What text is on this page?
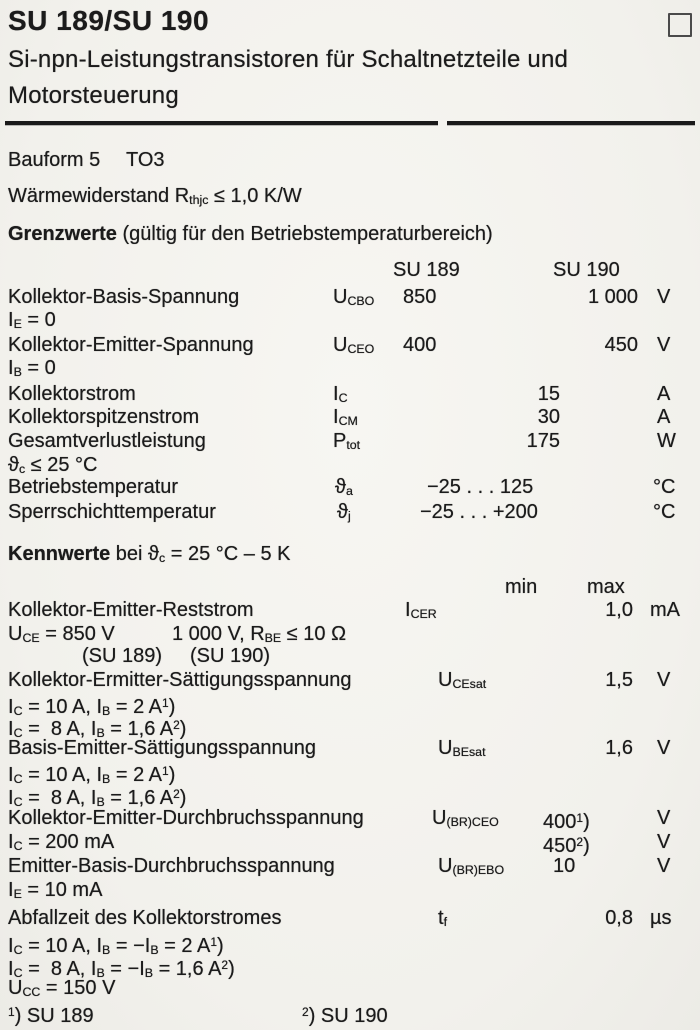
SU 189/SU 190
Si-npn-Leistungstransistoren für Schaltnetzteile und Motorsteuerung
Bauform 5 TO3
Wärmewiderstand $R_{thjc} \le 1,0$ K/W
Grenzwerte (gültig für den Betriebstemperaturbereich)
SU 189	SU 190
Kollektor-Basis-Spannung	$U_{CBO}$ 850	1 000 V
$I_E = 0$
Kollektor-Emitter-Spannung	$U_{CEO}$ 400	450 V
$I_B = 0$
Kollektorstrom	$I_C$	15	A
Kollektorspitzenstrom	$I_{CM}$	30	A
Gesamtverlustleistung	$P_{tot}$	175	W
$ϑ_c \le 25$ °C
Betriebstemperatur	$ϑ_a$	−25 . . . 125	°C
Sperrschichttemperatur	$ϑ_j$	−25 . . . +200	°C
Kennwerte bei $ϑ_c = 25$ °C – 5 K
min max
Kollektor-Emitter-Reststrom	$I_{CER}$	1,0 mA
$U_{CE} = 850$ V	1 000 V, $R_{BE} \le 10$ Ω
(SU 189) (SU 190)
Kollektor-Ermitter-Sättigungsspannung	$U_{CEsat}$	1,5 V
$I_C = 10$ A, $I_B = 2$ $A^1$)
$I_C = 8$ A, $I_B = 1,6$ $A^2$)
Basis-Emitter-Sättigungsspannung	$U_{BEsat}$	1,6 V
$I_C = 10$ A, $I_B = 2$ $A^1$)
$I_C = 8$ A, $I_B = 1,6$ $A^2$)
Kollektor-Emitter-Durchbruchsspannung	$U_{(BR)CEO}$ $400^1$)	V
$I_C = 200$ mA	$450^2$)	V
Emitter-Basis-Durchbruchsspannung	$U_{(BR)EBO}$ 10	V
$I_E = 10$ mA
Abfallzeit des Kollektorstromes	$t_f$	0,8 µs
$I_C = 10$ A, $I_B = -I_B = 2$ $A^1$)
$I_C = 8$ A, $I_B = -I_B = 1,6$ $A^2$)
$U_{CC} = 150$ V
$^1$) SU 189	$^2$) SU 190
